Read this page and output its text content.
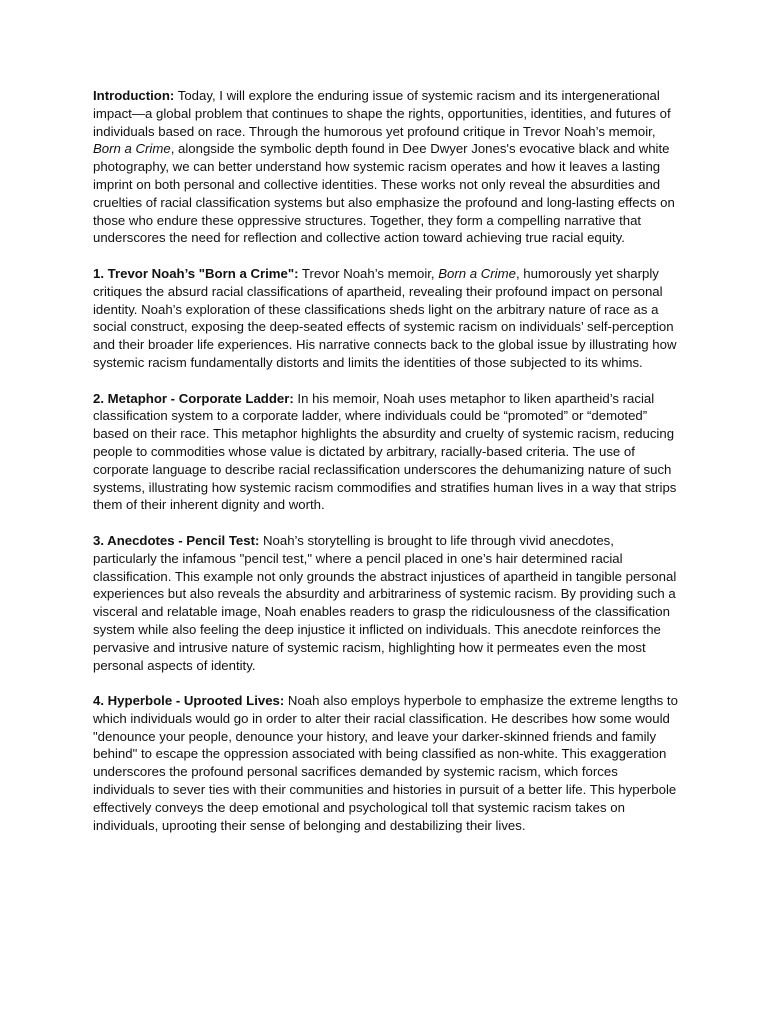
Introduction: Today, I will explore the enduring issue of systemic racism and its intergenerational impact—a global problem that continues to shape the rights, opportunities, identities, and futures of individuals based on race. Through the humorous yet profound critique in Trevor Noah’s memoir, Born a Crime, alongside the symbolic depth found in Dee Dwyer Jones's evocative black and white photography, we can better understand how systemic racism operates and how it leaves a lasting imprint on both personal and collective identities. These works not only reveal the absurdities and cruelties of racial classification systems but also emphasize the profound and long-lasting effects on those who endure these oppressive structures. Together, they form a compelling narrative that underscores the need for reflection and collective action toward achieving true racial equity.

1. Trevor Noah’s "Born a Crime": Trevor Noah’s memoir, Born a Crime, humorously yet sharply critiques the absurd racial classifications of apartheid, revealing their profound impact on personal identity. Noah’s exploration of these classifications sheds light on the arbitrary nature of race as a social construct, exposing the deep-seated effects of systemic racism on individuals’ self-perception and their broader life experiences. His narrative connects back to the global issue by illustrating how systemic racism fundamentally distorts and limits the identities of those subjected to its whims.

2. Metaphor - Corporate Ladder: In his memoir, Noah uses metaphor to liken apartheid’s racial classification system to a corporate ladder, where individuals could be “promoted” or “demoted” based on their race. This metaphor highlights the absurdity and cruelty of systemic racism, reducing people to commodities whose value is dictated by arbitrary, racially-based criteria. The use of corporate language to describe racial reclassification underscores the dehumanizing nature of such systems, illustrating how systemic racism commodifies and stratifies human lives in a way that strips them of their inherent dignity and worth.

3. Anecdotes - Pencil Test: Noah’s storytelling is brought to life through vivid anecdotes, particularly the infamous "pencil test," where a pencil placed in one’s hair determined racial classification. This example not only grounds the abstract injustices of apartheid in tangible personal experiences but also reveals the absurdity and arbitrariness of systemic racism. By providing such a visceral and relatable image, Noah enables readers to grasp the ridiculousness of the classification system while also feeling the deep injustice it inflicted on individuals. This anecdote reinforces the pervasive and intrusive nature of systemic racism, highlighting how it permeates even the most personal aspects of identity.

4. Hyperbole - Uprooted Lives: Noah also employs hyperbole to emphasize the extreme lengths to which individuals would go in order to alter their racial classification. He describes how some would "denounce your people, denounce your history, and leave your darker-skinned friends and family behind" to escape the oppression associated with being classified as non-white. This exaggeration underscores the profound personal sacrifices demanded by systemic racism, which forces individuals to sever ties with their communities and histories in pursuit of a better life. This hyperbole effectively conveys the deep emotional and psychological toll that systemic racism takes on individuals, uprooting their sense of belonging and destabilizing their lives.
